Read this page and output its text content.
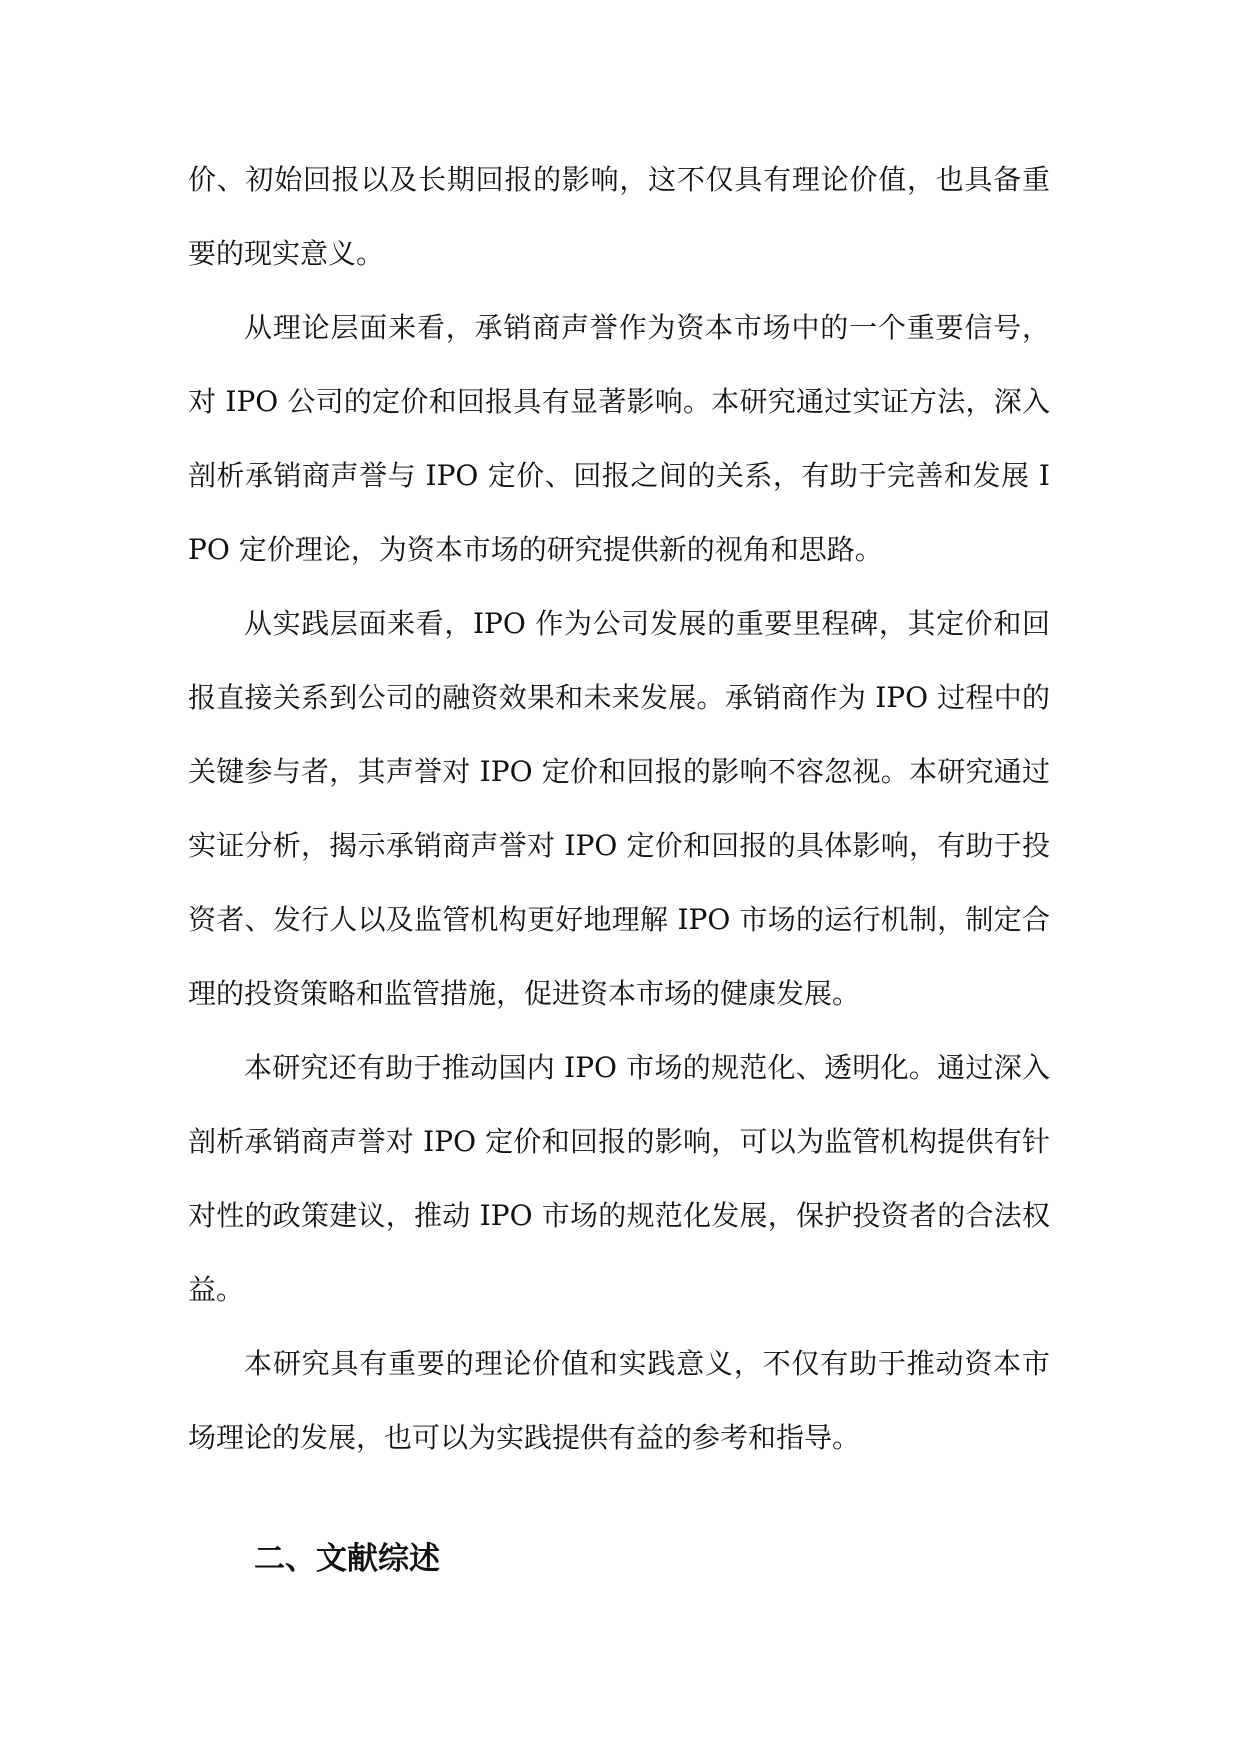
价、初始回报以及长期回报的影响，这不仅具有理论价值，也具备重要的现实意义。

从理论层面来看，承销商声誉作为资本市场中的一个重要信号，对 IPO 公司的定价和回报具有显著影响。本研究通过实证方法，深入剖析承销商声誉与 IPO 定价、回报之间的关系，有助于完善和发展 IPO 定价理论，为资本市场的研究提供新的视角和思路。

从实践层面来看，IPO 作为公司发展的重要里程碑，其定价和回报直接关系到公司的融资效果和未来发展。承销商作为 IPO 过程中的关键参与者，其声誉对 IPO 定价和回报的影响不容忽视。本研究通过实证分析，揭示承销商声誉对 IPO 定价和回报的具体影响，有助于投资者、发行人以及监管机构更好地理解 IPO 市场的运行机制，制定合理的投资策略和监管措施，促进资本市场的健康发展。

本研究还有助于推动国内 IPO 市场的规范化、透明化。通过深入剖析承销商声誉对 IPO 定价和回报的影响，可以为监管机构提供有针对性的政策建议，推动 IPO 市场的规范化发展，保护投资者的合法权益。

本研究具有重要的理论价值和实践意义，不仅有助于推动资本市场理论的发展，也可以为实践提供有益的参考和指导。

二、文献综述
